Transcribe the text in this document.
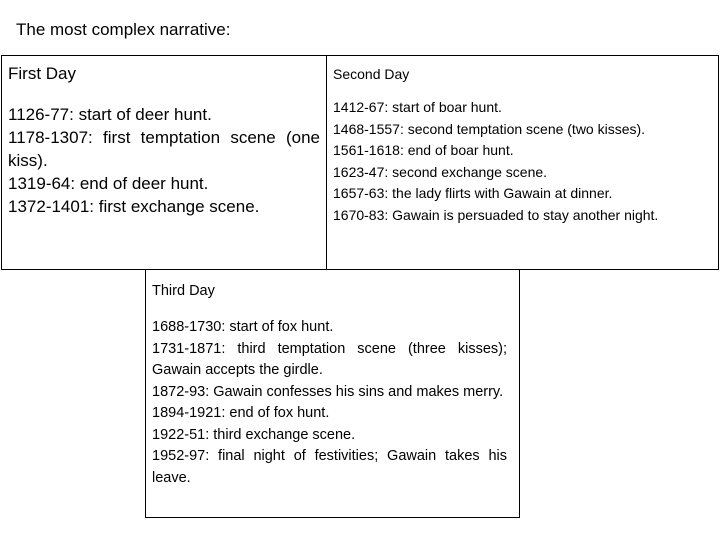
The most complex narrative:
First Day
1126-77: start of deer hunt.
1178-1307: first temptation scene (one kiss).
1319-64: end of deer hunt.
1372-1401: first exchange scene.
Second Day
1412-67: start of boar hunt.
1468-1557: second temptation scene (two kisses).
1561-1618: end of boar hunt.
1623-47: second exchange scene.
1657-63: the lady flirts with Gawain at dinner.
1670-83: Gawain is persuaded to stay another night.
Third Day
1688-1730: start of fox hunt.
1731-1871: third temptation scene (three kisses); Gawain accepts the girdle.
1872-93: Gawain confesses his sins and makes merry.
1894-1921: end of fox hunt.
1922-51: third exchange scene.
1952-97: final night of festivities; Gawain takes his leave.
